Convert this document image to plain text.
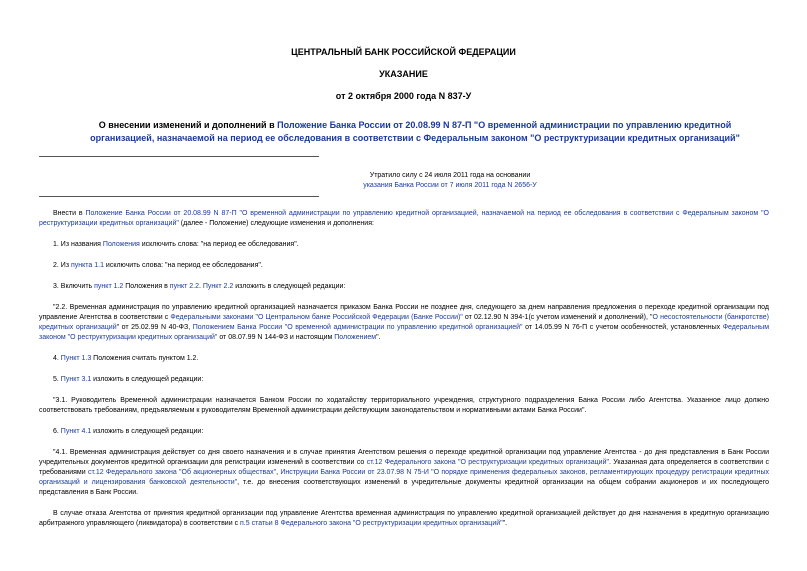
ЦЕНТРАЛЬНЫЙ БАНК РОССИЙСКОЙ ФЕДЕРАЦИИ
УКАЗАНИЕ
от 2 октября 2000 года N 837-У
О внесении изменений и дополнений в Положение Банка России от 20.08.99 N 87-П "О временной администрации по управлению кредитной организацией, назначаемой на период ее обследования в соответствии с Федеральным законом "О реструктуризации кредитных организаций"
Утратило силу с 24 июля 2011 года на основании
указания Банка России от 7 июля 2011 года N 2656-У
Внести в Положение Банка России от 20.08.99 N 87-П "О временной администрации по управлению кредитной организацией, назначаемой на период ее обследования в соответствии с Федеральным законом "О реструктуризации кредитных организаций" (далее - Положение) следующие изменения и дополнения:
1. Из названия Положения исключить слова: "на период ее обследования".
2. Из пункта 1.1 исключить слова: "на период ее обследования".
3. Включить пункт 1.2 Положения в пункт 2.2. Пункт 2.2 изложить в следующей редакции:
"2.2. Временная администрация по управлению кредитной организацией назначается приказом Банка России не позднее дня, следующего за днем направления предложения о переходе кредитной организации под управление Агентства в соответствии с Федеральными законами "О Центральном банке Российской Федерации (Банке России)" от 02.12.90 N 394-1(с учетом изменений и дополнений), "О несостоятельности (банкротстве) кредитных организаций" от 25.02.99 N 40-ФЗ, Положением Банка России "О временной администрации по управлению кредитной организацией" от 14.05.99 N 76-П с учетом особенностей, установленных Федеральным законом "О реструктуризации кредитных организаций" от 08.07.99 N 144-ФЗ и настоящим Положением".
4. Пункт 1.3 Положения считать пунктом 1.2.
5. Пункт 3.1 изложить в следующей редакции:
"3.1. Руководитель Временной администрации назначается Банком России по ходатайству территориального учреждения, структурного подразделения Банка России либо Агентства. Указанное лицо должно соответствовать требованиям, предъявляемым к руководителям Временной администрации действующим законодательством и нормативными актами Банка России".
6. Пункт 4.1 изложить в следующей редакции:
"4.1. Временная администрация действует со дня своего назначения и в случае принятия Агентством решения о переходе кредитной организации под управление Агентства - до дня представления в Банк России учредительных документов кредитной организации для регистрации изменений в соответствии со ст.12 Федерального закона "О реструктуризации кредитных организаций". Указанная дата определяется в соответствии с требованиями ст.12 Федерального закона "Об акционерных обществах", Инструкции Банка России от 23.07.98 N 75-И "О порядке применения федеральных законов, регламентирующих процедуру регистрации кредитных организаций и лицензирования банковской деятельности", т.е. до внесения соответствующих изменений в учредительные документы кредитной организации на общем собрании акционеров и их последующего представления в Банк России.
В случае отказа Агентства от принятия кредитной организации под управление Агентства временная администрация по управлению кредитной организацией действует до дня назначения в кредитную организацию арбитражного управляющего (ликвидатора) в соответствии с п.5 статьи 8 Федерального закона "О реструктуризации кредитных организаций"".
